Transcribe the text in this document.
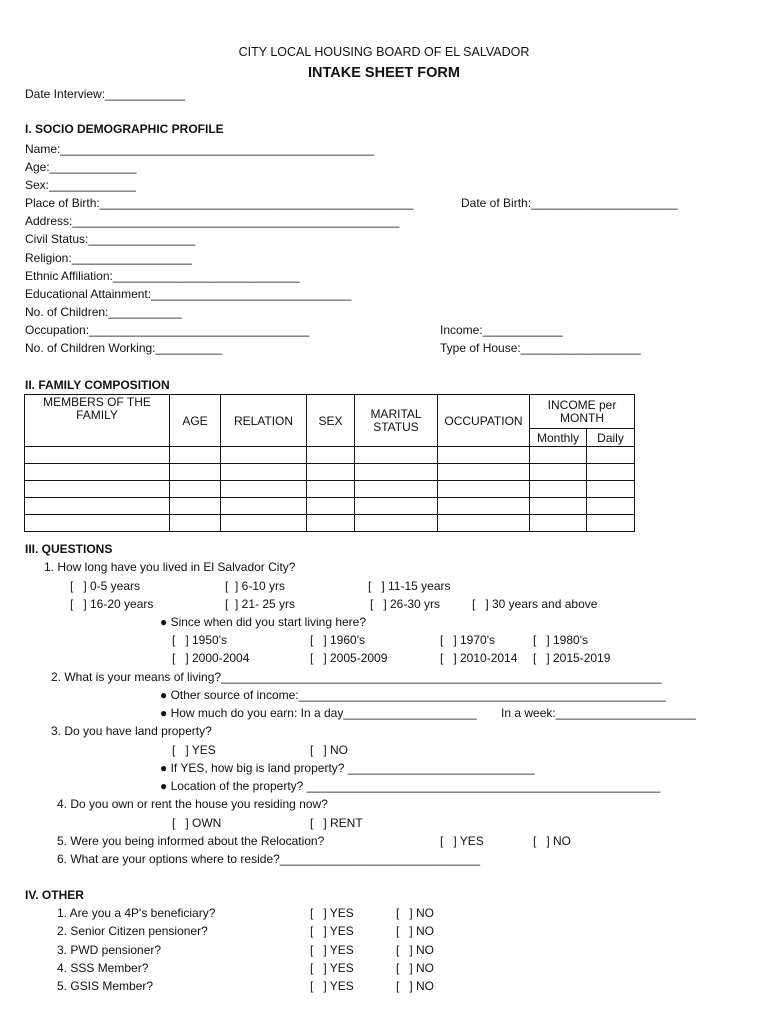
CITY LOCAL HOUSING BOARD OF EL SALVADOR
INTAKE SHEET FORM
Date Interview:____________
I. SOCIO DEMOGRAPHIC PROFILE
Name:_______________________________________________
Age:_____________
Sex:_____________
Place of Birth:_______________________________________________	Date of Birth:______________________
Address:_________________________________________________
Civil Status:________________
Religion:__________________
Ethnic Affiliation:____________________________
Educational Attainment:______________________________
No. of Children:___________
Occupation:_________________________________	Income:____________
No. of Children Working:__________	Type of House:__________________
II. FAMILY COMPOSITION
MEMBERS OF THE FAMILY	AGE	RELATION	SEX	MARITAL STATUS	OCCUPATION	INCOME per MONTH	
						Monthly	Daily

III. QUESTIONS
1. How long have you lived in El Salvador City?
[   ] 0-5 years	[  ] 6-10 yrs	[   ] 11-15 years
[   ] 16-20 years	[  ] 21- 25 yrs	[   ] 26-30 yrs	[   ] 30 years and above
● Since when did you start living here?
[   ] 1950's	[   ] 1960's	[   ] 1970's	[   ] 1980's
[   ] 2000-2004	[   ] 2005-2009	[   ] 2010-2014 [   ] 2015-2019
2. What is your means of living?__________________________________________________________________
● Other source of income:_______________________________________________________
● How much do you earn: In a day____________________ In a week:_____________________
3. Do you have land property?
[   ] YES	[   ] NO
● If YES, how big is land property? ____________________________
● Location of the property? _____________________________________________________
4. Do you own or rent the house you residing now?
[   ] OWN	[   ] RENT
5. Were you being informed about the Relocation?	[   ] YES	[   ] NO
6. What are your options where to reside?______________________________
IV. OTHER
1. Are you a 4P's beneficiary?	[   ] YES	[   ] NO
2. Senior Citizen pensioner?	[   ] YES	[   ] NO
3. PWD pensioner?	[   ] YES	[   ] NO
4. SSS Member?	[   ] YES	[   ] NO
5. GSIS Member?	[   ] YES	[   ] NO
